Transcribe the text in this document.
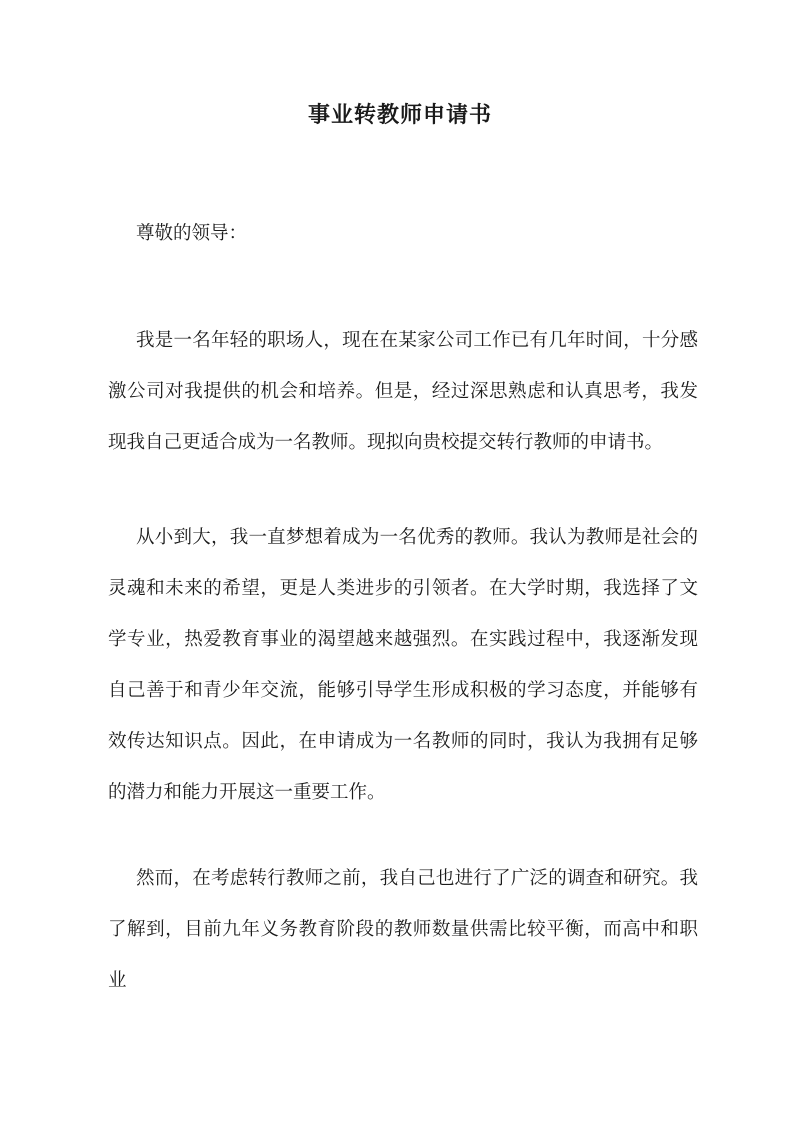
事业转教师申请书
尊敬的领导：
我是一名年轻的职场人，现在在某家公司工作已有几年时间，十分感激公司对我提供的机会和培养。但是，经过深思熟虑和认真思考，我发现我自己更适合成为一名教师。现拟向贵校提交转行教师的申请书。
从小到大，我一直梦想着成为一名优秀的教师。我认为教师是社会的灵魂和未来的希望，更是人类进步的引领者。在大学时期，我选择了文学专业，热爱教育事业的渴望越来越强烈。在实践过程中，我逐渐发现自己善于和青少年交流，能够引导学生形成积极的学习态度，并能够有效传达知识点。因此，在申请成为一名教师的同时，我认为我拥有足够的潜力和能力开展这一重要工作。
然而，在考虑转行教师之前，我自己也进行了广泛的调查和研究。我了解到，目前九年义务教育阶段的教师数量供需比较平衡，而高中和职业
